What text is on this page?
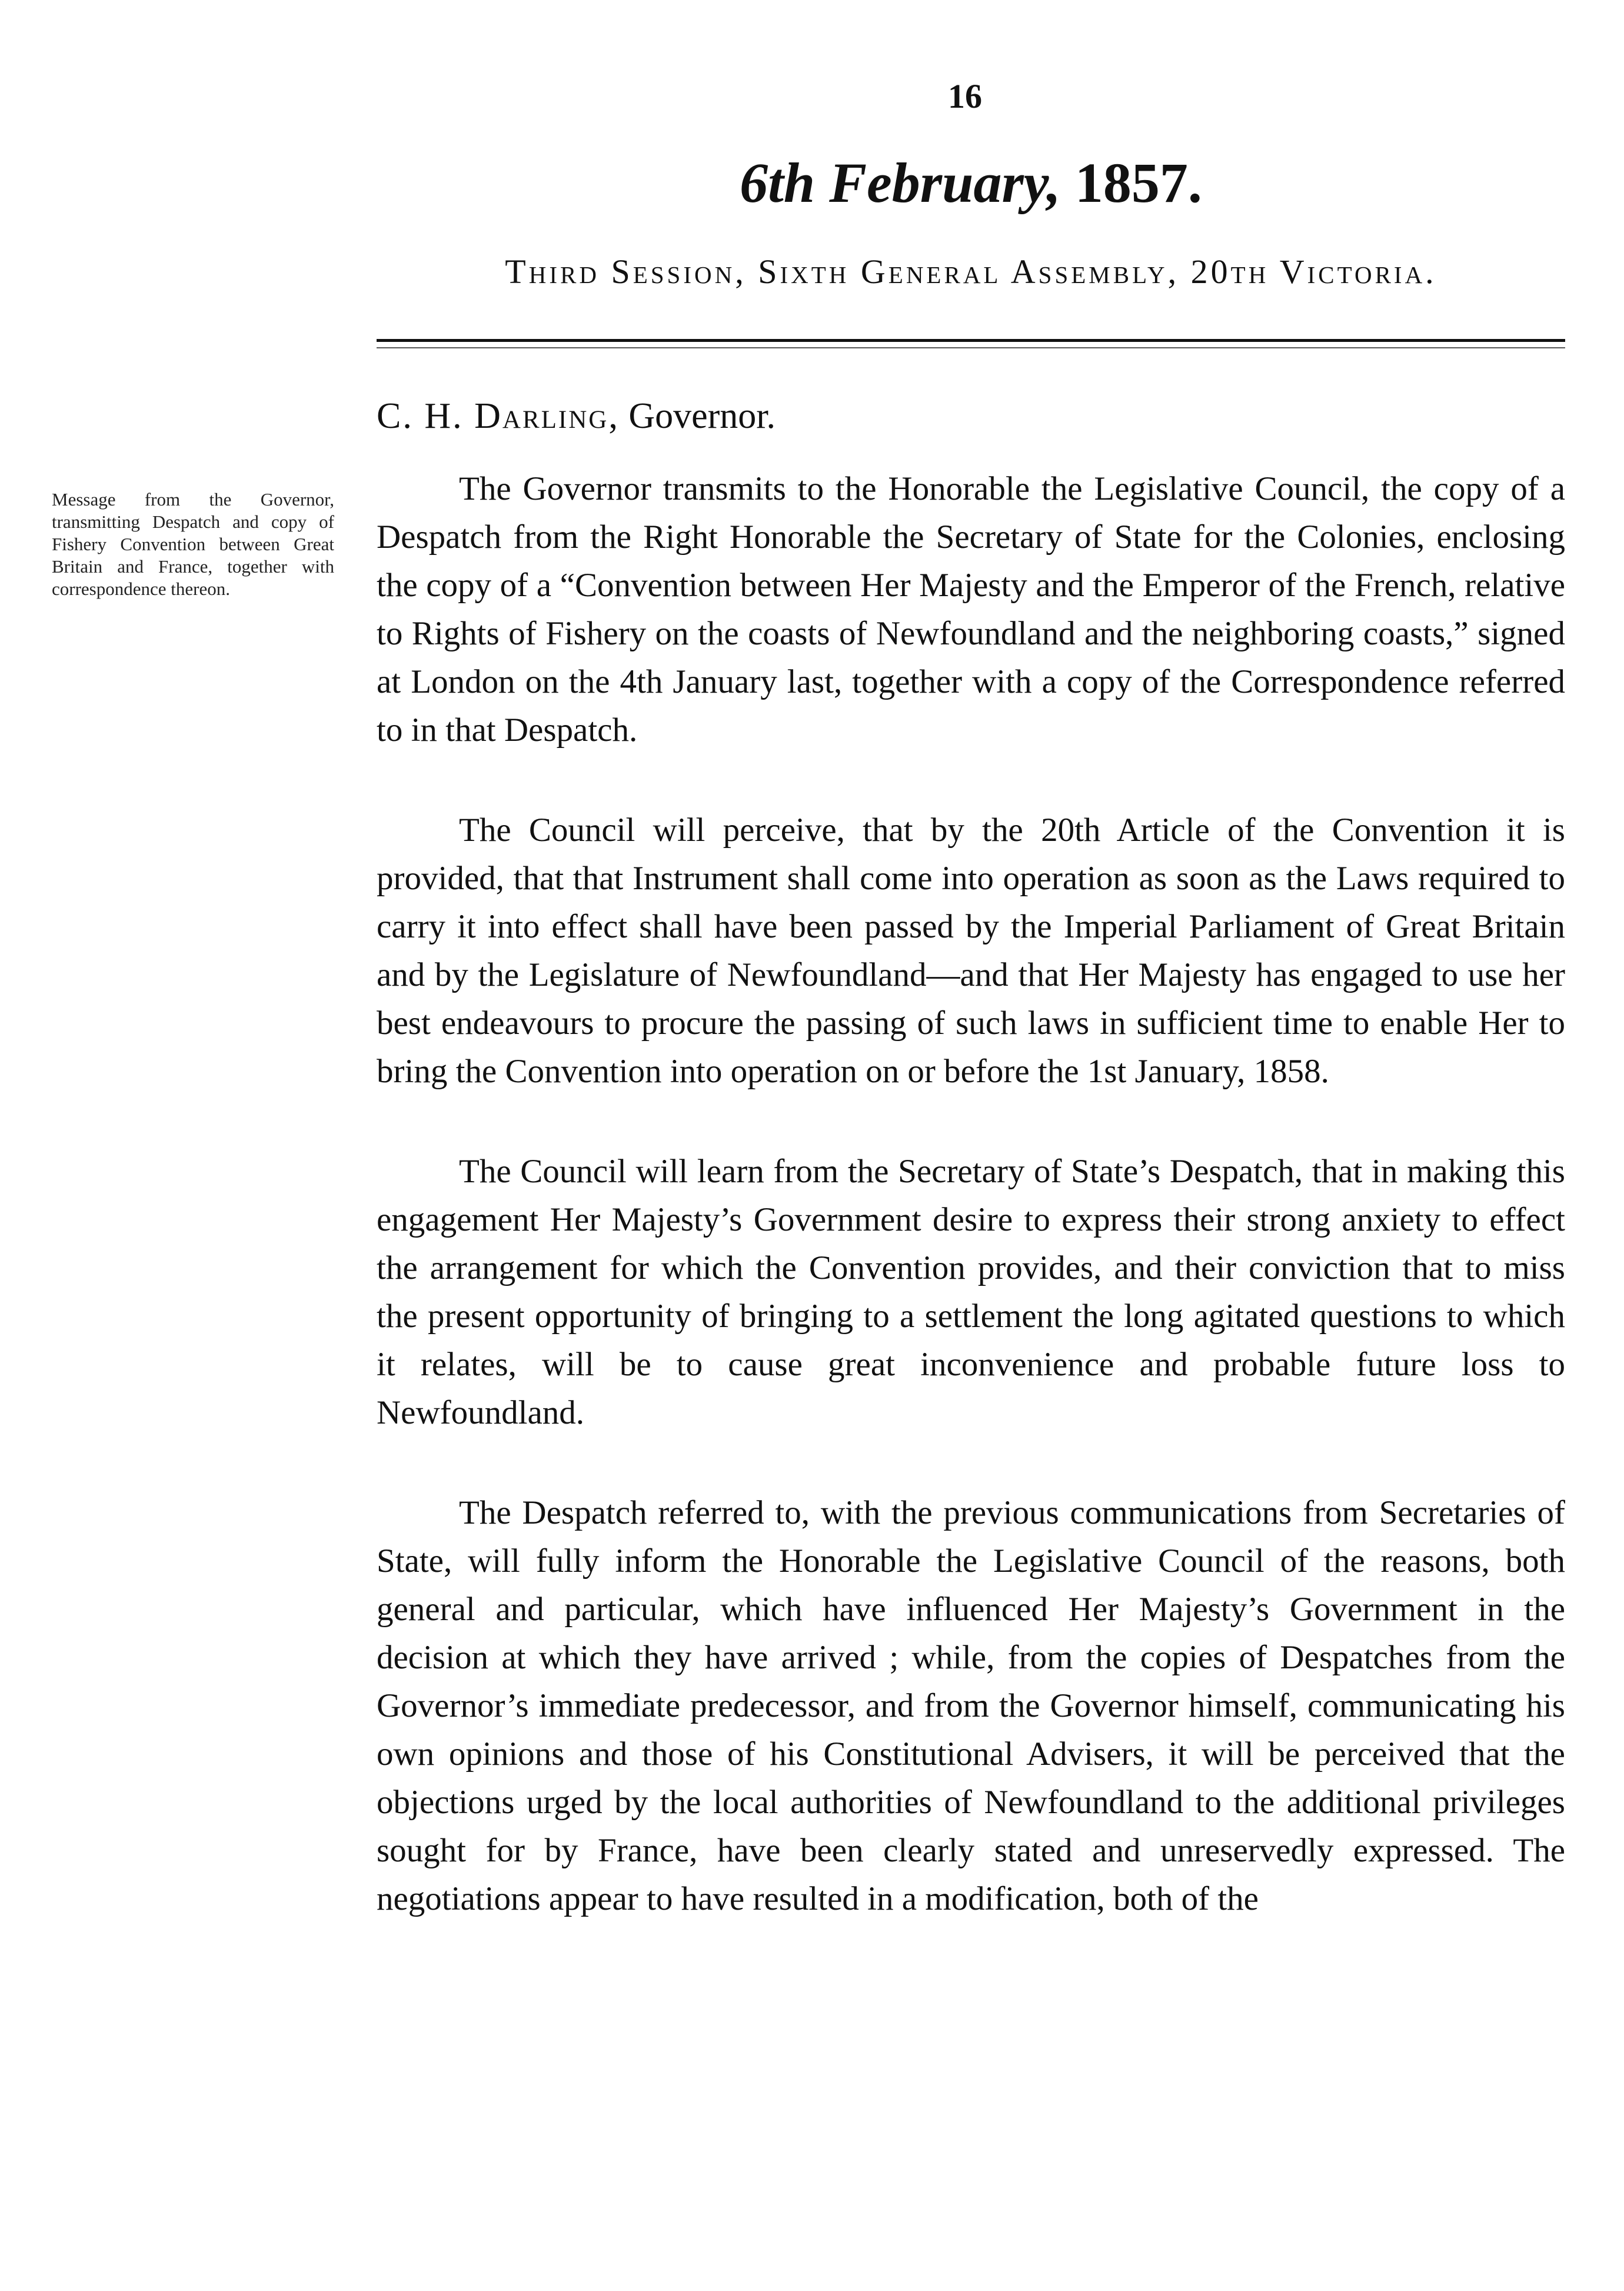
16
6th February, 1857.
Third Session, Sixth General Assembly, 20th Victoria.
C. H. Darling, Governor.
Message from the Governor, transmitting Despatch and copy of Fishery Convention between Great Britain and France, together with correspondence thereon.

The Governor transmits to the Honorable the Legislative Council, the copy of a Despatch from the Right Honorable the Secretary of State for the Colonies, enclosing the copy of a “Convention between Her Majesty and the Emperor of the French, relative to Rights of Fishery on the coasts of Newfoundland and the neighboring coasts,” signed at London on the 4th January last, together with a copy of the Correspondence referred to in that Despatch.

The Council will perceive, that by the 20th Article of the Convention it is provided, that that Instrument shall come into operation as soon as the Laws required to carry it into effect shall have been passed by the Imperial Parliament of Great Britain and by the Legislature of Newfoundland—and that Her Majesty has engaged to use her best endeavours to procure the passing of such laws in sufficient time to enable Her to bring the Convention into operation on or before the 1st January, 1858.

The Council will learn from the Secretary of State’s Despatch, that in making this engagement Her Majesty’s Government desire to express their strong anxiety to effect the arrangement for which the Convention provides, and their conviction that to miss the present opportunity of bringing to a settlement the long agitated questions to which it relates, will be to cause great inconvenience and probable future loss to Newfoundland.

The Despatch referred to, with the previous communications from Secretaries of State, will fully inform the Honorable the Legislative Council of the reasons, both general and particular, which have influenced Her Majesty’s Government in the decision at which they have arrived ; while, from the copies of Despatches from the Governor’s immediate predecessor, and from the Governor himself, communicating his own opinions and those of his Constitutional Advisers, it will be perceived that the objections urged by the local authorities of Newfoundland to the additional privileges sought for by France, have been clearly stated and unreservedly expressed. The negotiations appear to have resulted in a modification, both of the
